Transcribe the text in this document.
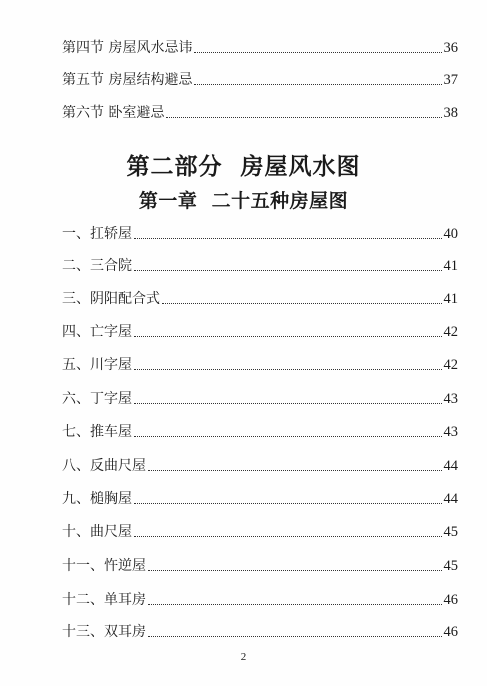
第四节 房屋风水忌讳	36
第五节 房屋结构避忌	37
第六节 卧室避忌	38
第二部分  房屋风水图
第一章  二十五种房屋图
一、扛轿屋	40
二、三合院	41
三、阴阳配合式	41
四、亡字屋	42
五、川字屋	42
六、丁字屋	43
七、推车屋	43
八、反曲尺屋	44
九、槌胸屋	44
十、曲尺屋	45
十一、忤逆屋	45
十二、单耳房	46
十三、双耳房	46
2
